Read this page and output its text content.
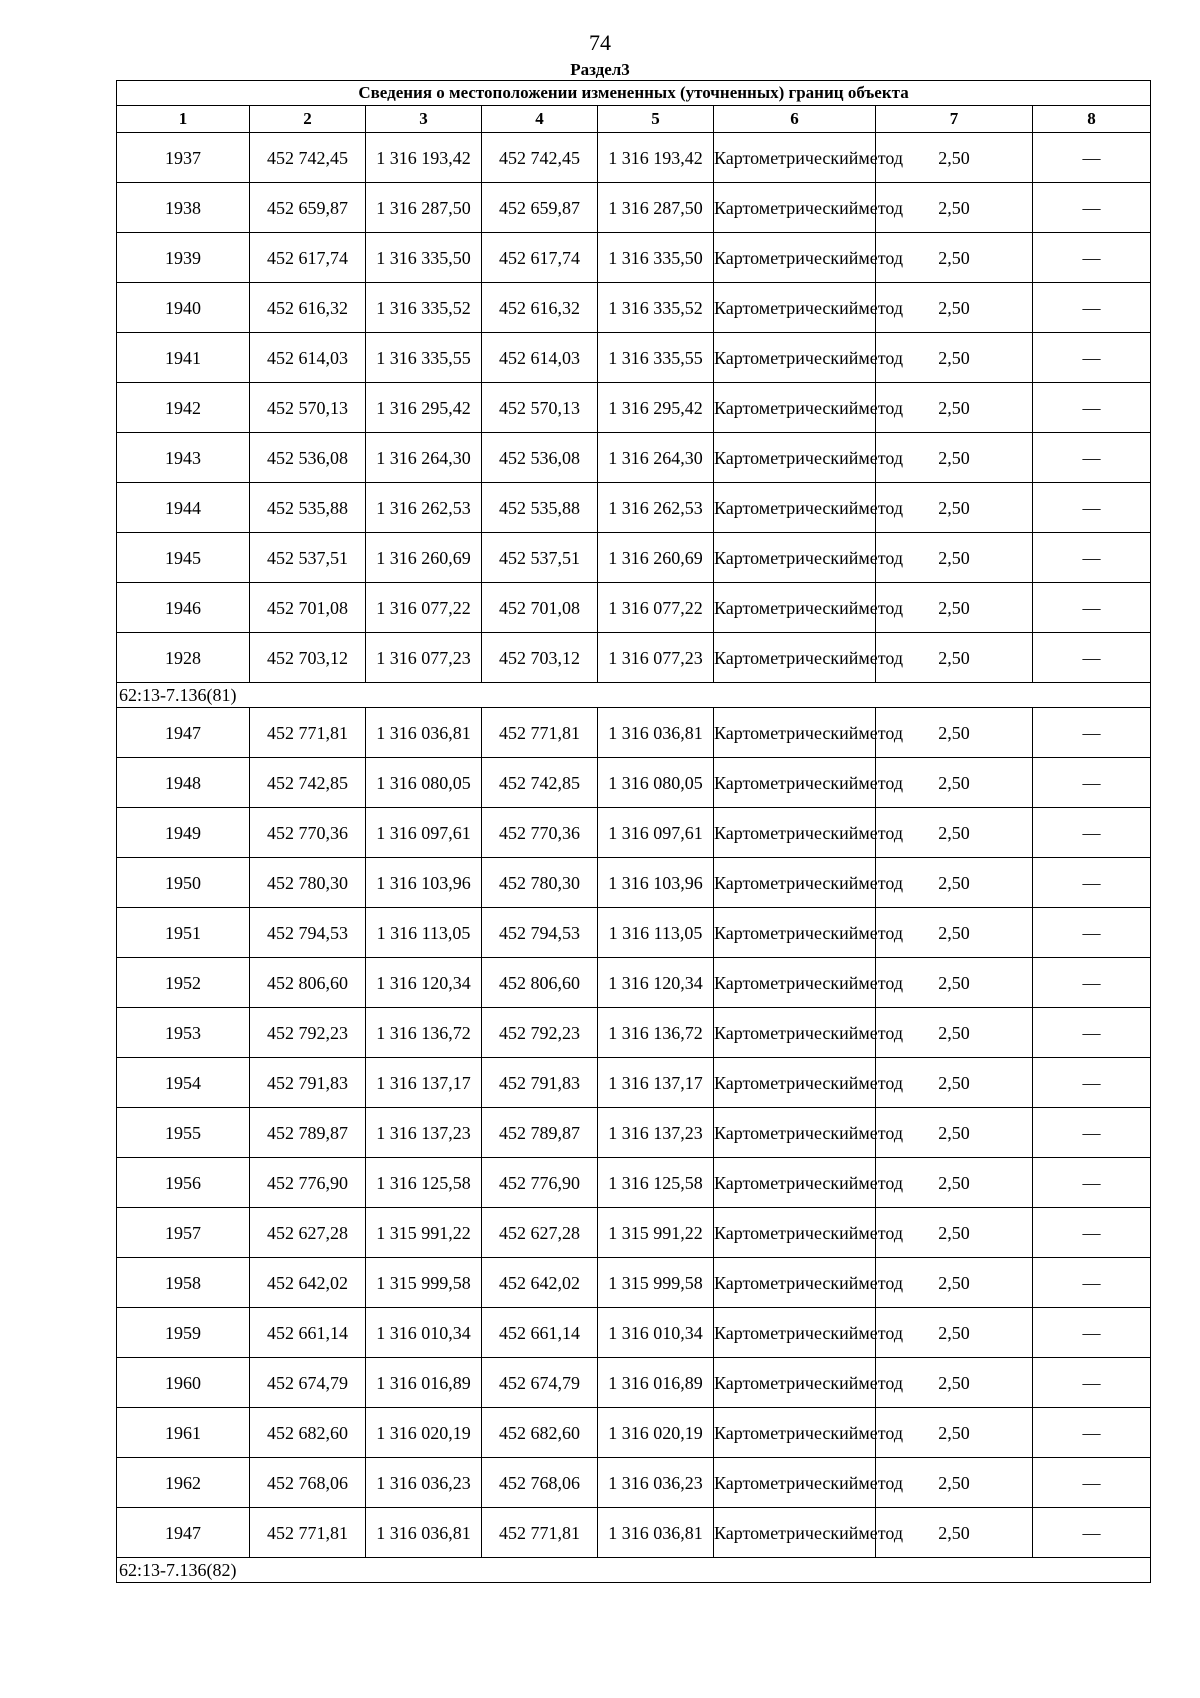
74
Раздел3
Сведения о местоположении измененных (уточненных) границ объекта							
1	2	3	4	5	6	7	8
1937	452 742,45	1 316 193,42	452 742,45	1 316 193,42	Картометрическийметод	2,50	—
1938	452 659,87	1 316 287,50	452 659,87	1 316 287,50	Картометрическийметод	2,50	—
1939	452 617,74	1 316 335,50	452 617,74	1 316 335,50	Картометрическийметод	2,50	—
1940	452 616,32	1 316 335,52	452 616,32	1 316 335,52	Картометрическийметод	2,50	—
1941	452 614,03	1 316 335,55	452 614,03	1 316 335,55	Картометрическийметод	2,50	—
1942	452 570,13	1 316 295,42	452 570,13	1 316 295,42	Картометрическийметод	2,50	—
1943	452 536,08	1 316 264,30	452 536,08	1 316 264,30	Картометрическийметод	2,50	—
1944	452 535,88	1 316 262,53	452 535,88	1 316 262,53	Картометрическийметод	2,50	—
1945	452 537,51	1 316 260,69	452 537,51	1 316 260,69	Картометрическийметод	2,50	—
1946	452 701,08	1 316 077,22	452 701,08	1 316 077,22	Картометрическийметод	2,50	—
1928	452 703,12	1 316 077,23	452 703,12	1 316 077,23	Картометрическийметод	2,50	—
62:13-7.136(81)							
1947	452 771,81	1 316 036,81	452 771,81	1 316 036,81	Картометрическийметод	2,50	—
1948	452 742,85	1 316 080,05	452 742,85	1 316 080,05	Картометрическийметод	2,50	—
1949	452 770,36	1 316 097,61	452 770,36	1 316 097,61	Картометрическийметод	2,50	—
1950	452 780,30	1 316 103,96	452 780,30	1 316 103,96	Картометрическийметод	2,50	—
1951	452 794,53	1 316 113,05	452 794,53	1 316 113,05	Картометрическийметод	2,50	—
1952	452 806,60	1 316 120,34	452 806,60	1 316 120,34	Картометрическийметод	2,50	—
1953	452 792,23	1 316 136,72	452 792,23	1 316 136,72	Картометрическийметод	2,50	—
1954	452 791,83	1 316 137,17	452 791,83	1 316 137,17	Картометрическийметод	2,50	—
1955	452 789,87	1 316 137,23	452 789,87	1 316 137,23	Картометрическийметод	2,50	—
1956	452 776,90	1 316 125,58	452 776,90	1 316 125,58	Картометрическийметод	2,50	—
1957	452 627,28	1 315 991,22	452 627,28	1 315 991,22	Картометрическийметод	2,50	—
1958	452 642,02	1 315 999,58	452 642,02	1 315 999,58	Картометрическийметод	2,50	—
1959	452 661,14	1 316 010,34	452 661,14	1 316 010,34	Картометрическийметод	2,50	—
1960	452 674,79	1 316 016,89	452 674,79	1 316 016,89	Картометрическийметод	2,50	—
1961	452 682,60	1 316 020,19	452 682,60	1 316 020,19	Картометрическийметод	2,50	—
1962	452 768,06	1 316 036,23	452 768,06	1 316 036,23	Картометрическийметод	2,50	—
1947	452 771,81	1 316 036,81	452 771,81	1 316 036,81	Картометрическийметод	2,50	—
62:13-7.136(82)							
